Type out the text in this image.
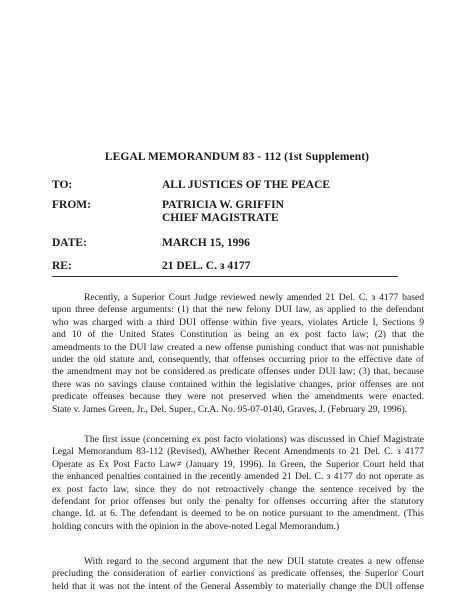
LEGAL MEMORANDUM 83 - 112 (1st Supplement)
TO:	ALL JUSTICES OF THE PEACE
FROM:	PATRICIA W. GRIFFIN
CHIEF MAGISTRATE
DATE:	MARCH 15, 1996
RE:	21 DEL. C. з 4177
Recently, a Superior Court Judge reviewed newly amended 21 Del. C. з 4177 based
upon three defense arguments: (1) that the new felony DUI law, as applied to the defendant
who was charged with a third DUI offense within five years, violates Article I, Sections 9
and 10 of the United States Constitution as being an ex post facto law; (2) that the
amendments to the DUI law created a new offense punishing conduct that was not punishable
under the old statute and, consequently, that offenses occurring prior to the effective date of
the amendment may not be considered as predicate offenses under DUI law; (3) that, because
there was no savings clause contained within the legislative changes, prior offenses are not
predicate offenses because they were not preserved when the amendments were enacted.
State v. James Green, Jr., Del. Super., Cr.A. No. 95-07-0140, Graves, J. (February 29, 1996).
The first issue (concerning ex post facto violations) was discussed in Chief Magistrate
Legal Memorandum 83-112 (Revised), AWhether Recent Amendments to 21 Del. C. з 4177
Operate as Ex Post Facto Law≠ (January 19, 1996). In Green, the Superior Court held that
the enhanced penalties contained in the recently amended 21 Del. C. з 4177 do not operate as
ex post facto law, since they do not retroactively change the sentence received by the
defendant for prior offenses but only the penalty for offenses occurring after the statutory
change. Id. at 6. The defendant is deemed to be on notice pursuant to the amendment. (This
holding concurs with the opinion in the above-noted Legal Memorandum.)
With regard to the second argument that the new DUI statute creates a new offense
precluding the consideration of earlier convictions as predicate offenses, the Superior Court
held that it was not the intent of the General Assembly to materially change the DUI offense
